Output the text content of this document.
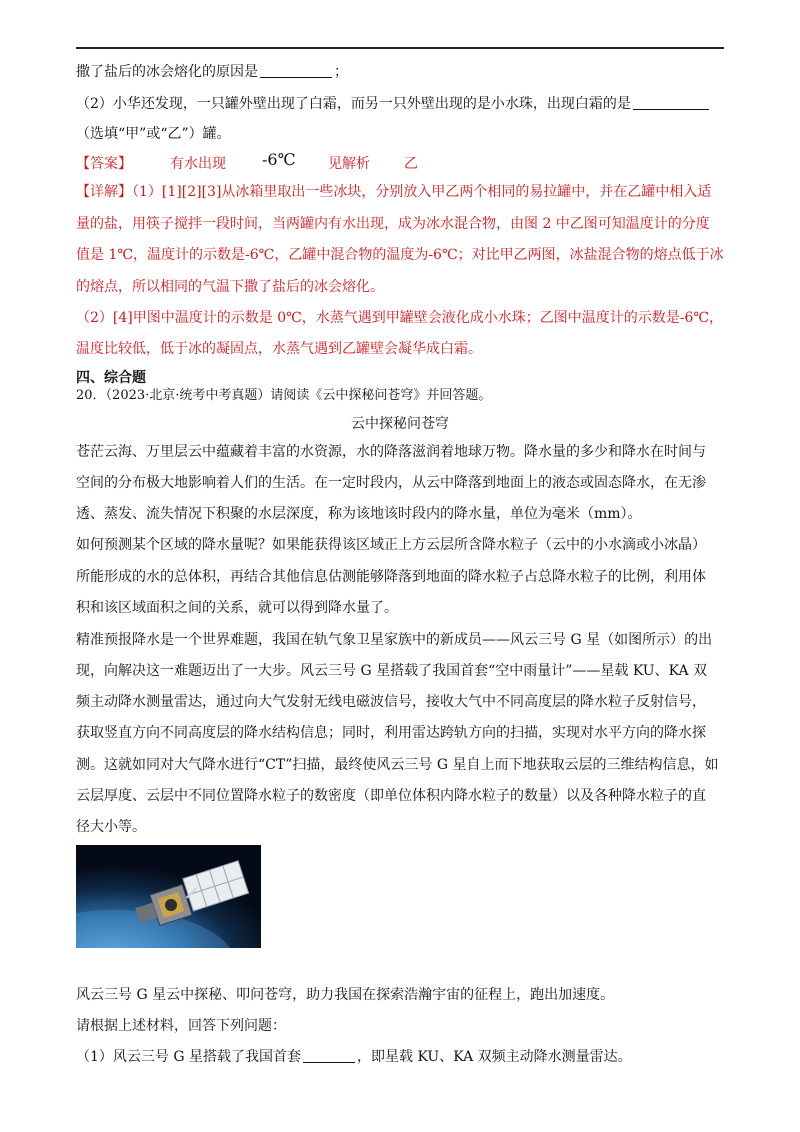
撒了盐后的冰会熔化的原因是	；
（2）小华还发现，一只罐外壁出现了白霜，而另一只外壁出现的是小水珠，出现白霜的是
（选填“甲”或“乙”）罐。
【答案】	有水出现 -6℃ 见解析 乙
【详解】（1）[1][2][3]从冰箱里取出一些冰块，分别放入甲乙两个相同的易拉罐中，并在乙罐中相入适
量的盐，用筷子搅拌一段时间，当两罐内有水出现，成为冰水混合物，由图 2 中乙图可知温度计的分度
值是 1℃，温度计的示数是-6℃，乙罐中混合物的温度为-6℃；对比甲乙两图，冰盐混合物的熔点低于冰
的熔点，所以相同的气温下撒了盐后的冰会熔化。
（2）[4]甲图中温度计的示数是 0℃，水蒸气遇到甲罐壁会液化成小水珠；乙图中温度计的示数是-6℃，
温度比较低，低于冰的凝固点，水蒸气遇到乙罐壁会凝华成白霜。
四、综合题
20．（2023·北京·统考中考真题）请阅读《云中探秘问苍穹》并回答题。
云中探秘问苍穹
苍茫云海、万里层云中蕴藏着丰富的水资源，水的降落滋润着地球万物。降水量的多少和降水在时间与
空间的分布极大地影响着人们的生活。在一定时段内，从云中降落到地面上的液态或固态降水，在无渗
透、蒸发、流失情况下积聚的水层深度，称为该地该时段内的降水量，单位为毫米（mm）。
如何预测某个区域的降水量呢？如果能获得该区域正上方云层所含降水粒子（云中的小水滴或小冰晶）
所能形成的水的总体积，再结合其他信息估测能够降落到地面的降水粒子占总降水粒子的比例，利用体
积和该区域面积之间的关系，就可以得到降水量了。
精准预报降水是一个世界难题，我国在轨气象卫星家族中的新成员——风云三号 G 星（如图所示）的出
现，向解决这一难题迈出了一大步。风云三号 G 星搭载了我国首套“空中雨量计”——星载 KU、KA 双
频主动降水测量雷达，通过向大气发射无线电磁波信号，接收大气中不同高度层的降水粒子反射信号，
获取竖直方向不同高度层的降水结构信息；同时，利用雷达跨轨方向的扫描，实现对水平方向的降水探
测。这就如同对大气降水进行“CT”扫描，最终使风云三号 G 星自上而下地获取云层的三维结构信息，如
云层厚度、云层中不同位置降水粒子的数密度（即单位体积内降水粒子的数量）以及各种降水粒子的直
径大小等。
风云三号 G 星云中探秘、叩问苍穹，助力我国在探索浩瀚宇宙的征程上，跑出加速度。
请根据上述材料，回答下列问题：
（1）风云三号 G 星搭载了我国首套	，即星载 KU、KA 双频主动降水测量雷达。
